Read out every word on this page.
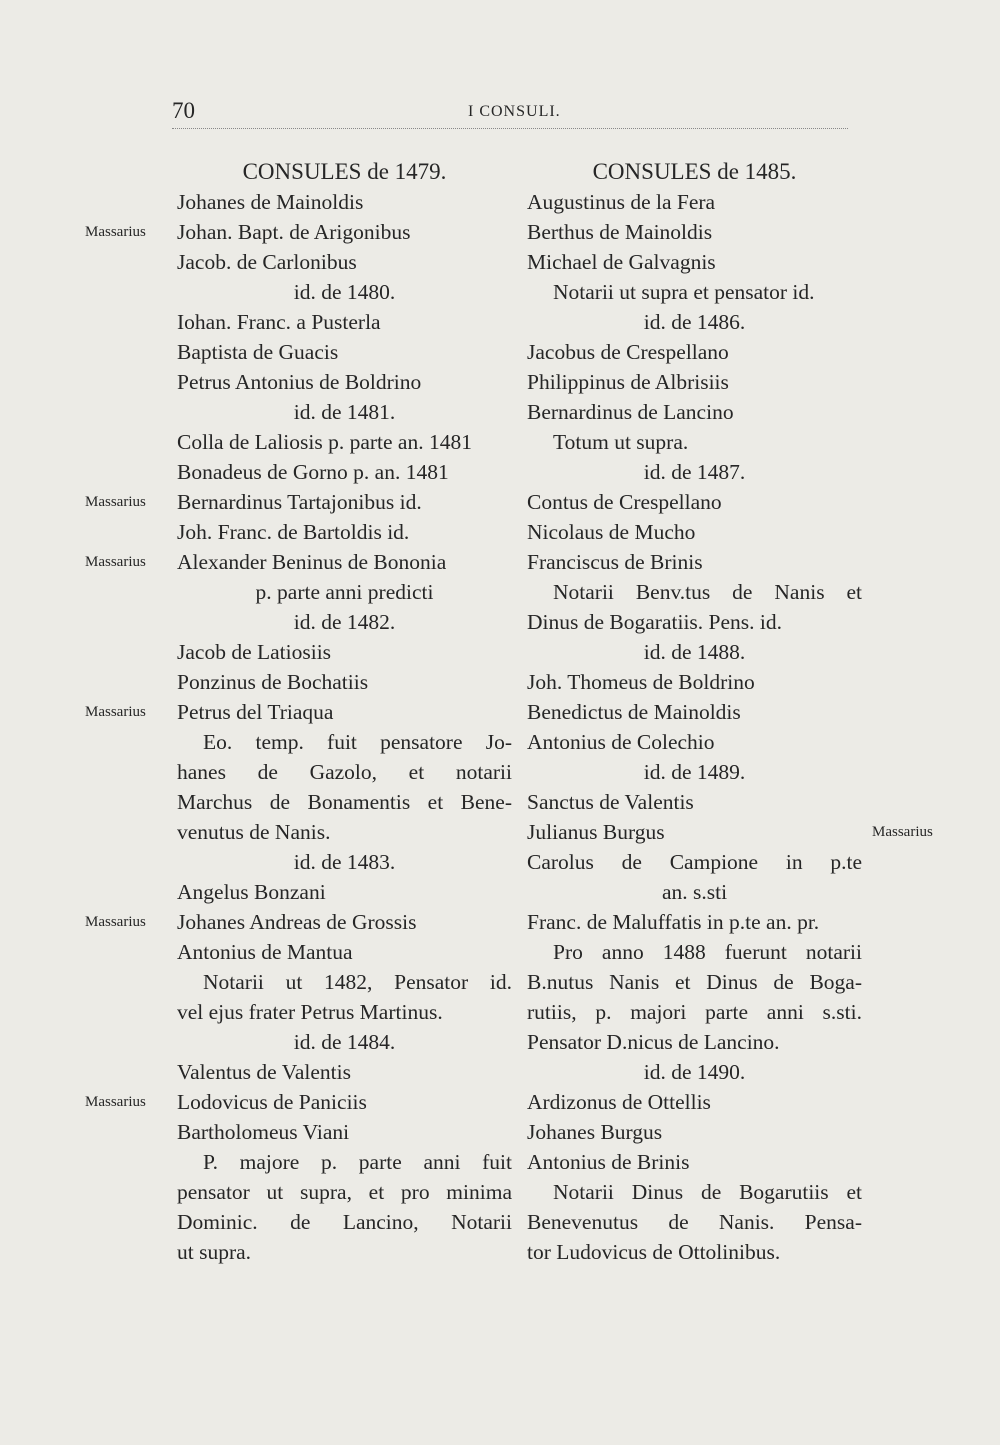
70	I CONSULI.
CONSULES de 1479.
Johanes de Mainoldis
Johan. Bapt. de Arigonibus
Massarius
Jacob. de Carlonibus
id. de 1480.
Iohan. Franc. a Pusterla
Baptista de Guacis
Petrus Antonius de Boldrino
id. de 1481.
Colla de Laliosis p. parte an. 1481
Bonadeus de Gorno p. an. 1481
Bernardinus Tartajonibus id.
Massarius
Joh. Franc. de Bartoldis id.
Alexander Beninus de Bononia
Massarius
p. parte anni predicti
id. de 1482.
Jacob de Latiosiis
Ponzinus de Bochatiis
Petrus del Triaqua
Massarius
Eo. temp. fuit pensatore Jo-
hanes de Gazolo, et notarii
Marchus de Bonamentis et Bene-
venutus de Nanis.
id. de 1483.
Angelus Bonzani
Johanes Andreas de Grossis
Massarius
Antonius de Mantua
Notarii ut 1482, Pensator id.
vel ejus frater Petrus Martinus.
id. de 1484.
Valentus de Valentis
Lodovicus de Paniciis
Massarius
Bartholomeus Viani
P. majore p. parte anni fuit
pensator ut supra, et pro minima
Dominic. de Lancino, Notarii
ut supra.
CONSULES de 1485.
Augustinus de la Fera
Berthus de Mainoldis
Michael de Galvagnis
Notarii ut supra et pensator id.
id. de 1486.
Jacobus de Crespellano
Philippinus de Albrisiis
Bernardinus de Lancino
Totum ut supra.
id. de 1487.
Contus de Crespellano
Nicolaus de Mucho
Franciscus de Brinis
Notarii Benv.tus de Nanis et
Dinus de Bogaratiis. Pens. id.
id. de 1488.
Joh. Thomeus de Boldrino
Benedictus de Mainoldis
Antonius de Colechio
id. de 1489.
Sanctus de Valentis
Julianus Burgus	Massarius
Carolus de Campione in p.te
an. s.sti
Franc. de Maluffatis in p.te an. pr.
Pro anno 1488 fuerunt notarii
B.nutus Nanis et Dinus de Boga-
rutiis, p. majori parte anni s.sti.
Pensator D.nicus de Lancino.
id. de 1490.
Ardizonus de Ottellis
Johanes Burgus
Antonius de Brinis
Notarii Dinus de Bogarutiis et
Benevenutus de Nanis. Pensa-
tor Ludovicus de Ottolinibus.
